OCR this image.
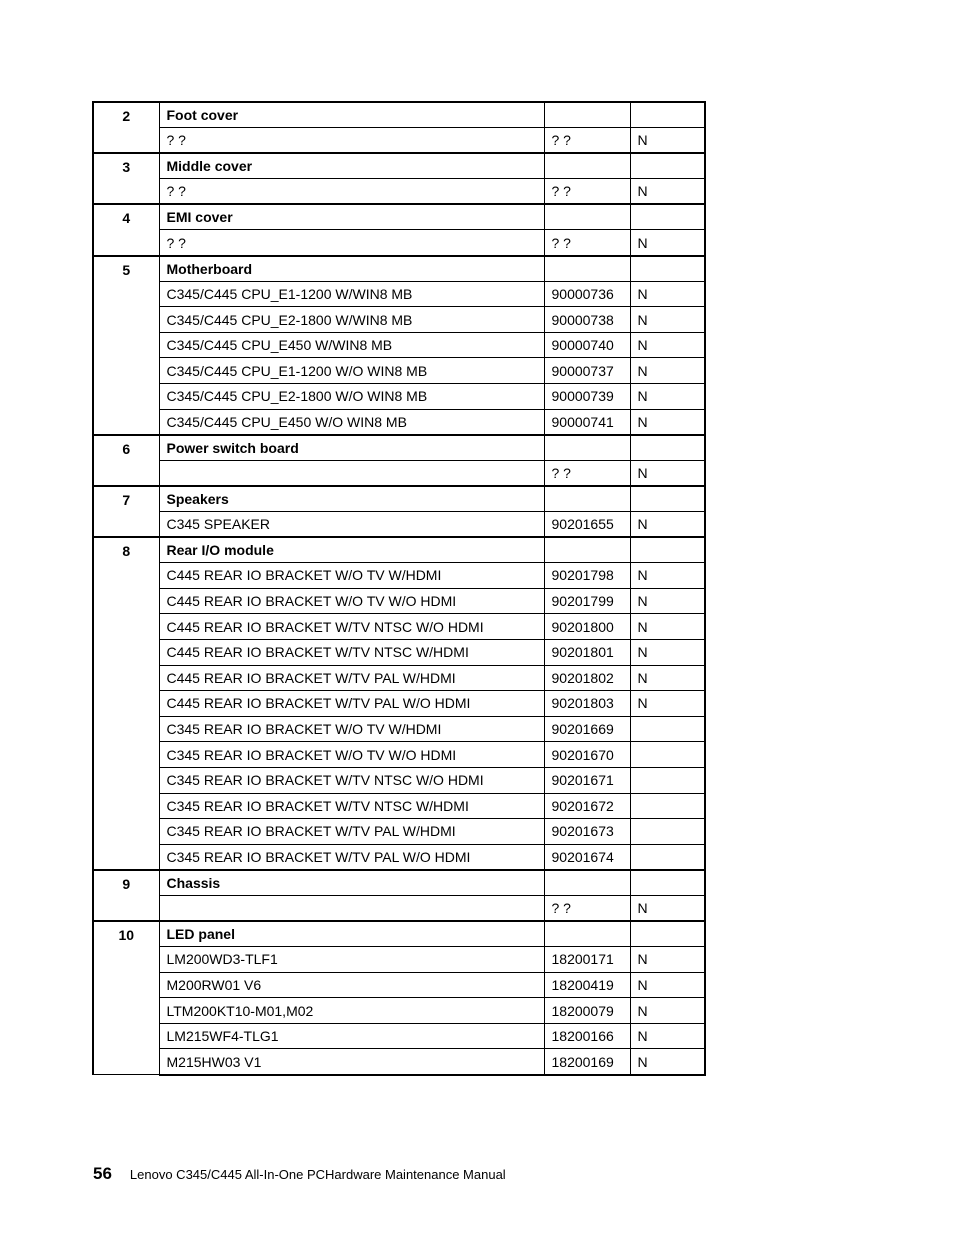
2	Foot cover		
	? ?	? ?	N
3	Middle cover		
	? ?	? ?	N
4	EMI cover		
	? ?	? ?	N
5	Motherboard		
	C345/C445 CPU_E1-1200 W/WIN8 MB	90000736	N
	C345/C445 CPU_E2-1800 W/WIN8 MB	90000738	N
	C345/C445 CPU_E450 W/WIN8 MB	90000740	N
	C345/C445 CPU_E1-1200 W/O WIN8 MB	90000737	N
	C345/C445 CPU_E2-1800 W/O WIN8 MB	90000739	N
	C345/C445 CPU_E450 W/O WIN8 MB	90000741	N
6	Power switch board		
		? ?	N
7	Speakers		
	C345 SPEAKER	90201655	N
8	Rear I/O module		
	C445 REAR IO BRACKET W/O TV W/HDMI	90201798	N
	C445 REAR IO BRACKET W/O TV W/O HDMI	90201799	N
	C445 REAR IO BRACKET W/TV NTSC W/O HDMI	90201800	N
	C445 REAR IO BRACKET W/TV NTSC W/HDMI	90201801	N
	C445 REAR IO BRACKET W/TV PAL W/HDMI	90201802	N
	C445 REAR IO BRACKET W/TV PAL W/O HDMI	90201803	N
	C345 REAR IO BRACKET W/O TV W/HDMI	90201669	
	C345 REAR IO BRACKET W/O TV W/O HDMI	90201670	
	C345 REAR IO BRACKET W/TV NTSC W/O HDMI	90201671	
	C345 REAR IO BRACKET W/TV NTSC W/HDMI	90201672	
	C345 REAR IO BRACKET W/TV PAL W/HDMI	90201673	
	C345 REAR IO BRACKET W/TV PAL W/O HDMI	90201674	
9	Chassis		
		? ?	N
10	LED panel		
	LM200WD3-TLF1	18200171	N
	M200RW01 V6	18200419	N
	LTM200KT10-M01,M02	18200079	N
	LM215WF4-TLG1	18200166	N
	M215HW03 V1	18200169	N
56 Lenovo C345/C445 All-In-One PCHardware Maintenance Manual
